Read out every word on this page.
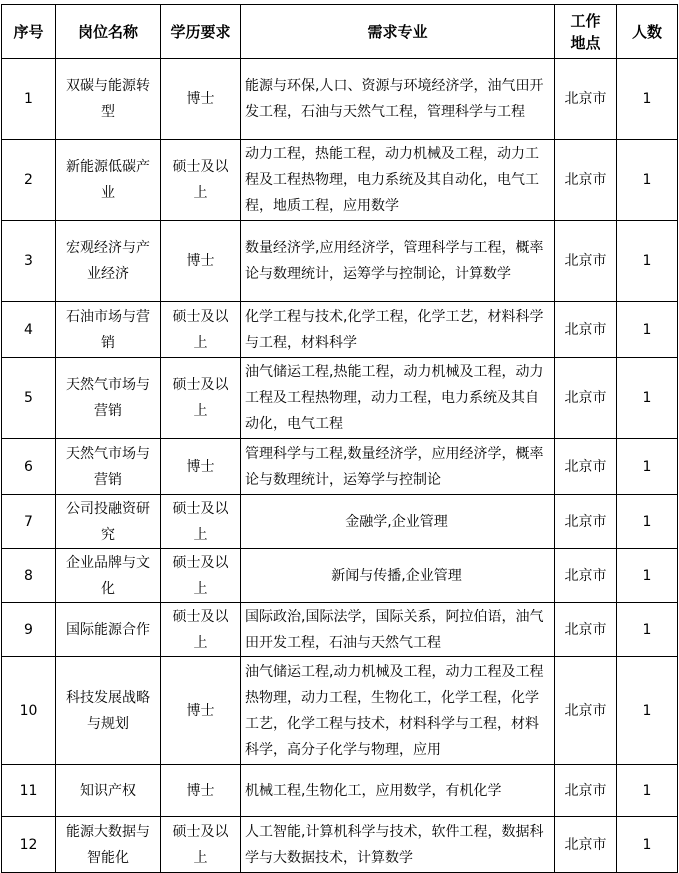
序号	岗位名称	学历要求	需求专业	工作地点	人数
1	双碳与能源转型	博士	能源与环保,人口、资源与环境经济学，油气田开发工程，石油与天然气工程，管理科学与工程	北京市	1
2	新能源低碳产业	硕士及以上	动力工程，热能工程，动力机械及工程，动力工程及工程热物理，电力系统及其自动化，电气工程，地质工程，应用数学	北京市	1
3	宏观经济与产业经济	博士	数量经济学,应用经济学，管理科学与工程，概率论与数理统计，运筹学与控制论，计算数学	北京市	1
4	石油市场与营销	硕士及以上	化学工程与技术,化学工程，化学工艺，材料科学与工程，材料科学	北京市	1
5	天然气市场与营销	硕士及以上	油气储运工程,热能工程，动力机械及工程，动力工程及工程热物理，动力工程，电力系统及其自动化，电气工程	北京市	1
6	天然气市场与营销	博士	管理科学与工程,数量经济学，应用经济学，概率论与数理统计，运筹学与控制论	北京市	1
7	公司投融资研究	硕士及以上	金融学,企业管理	北京市	1
8	企业品牌与文化	硕士及以上	新闻与传播,企业管理	北京市	1
9	国际能源合作	硕士及以上	国际政治,国际法学，国际关系，阿拉伯语，油气田开发工程，石油与天然气工程	北京市	1
10	科技发展战略与规划	博士	油气储运工程,动力机械及工程，动力工程及工程热物理，动力工程，生物化工，化学工程，化学工艺，化学工程与技术，材料科学与工程，材料科学，高分子化学与物理，应用	北京市	1
11	知识产权	博士	机械工程,生物化工，应用数学，有机化学	北京市	1
12	能源大数据与智能化	硕士及以上	人工智能,计算机科学与技术，软件工程，数据科学与大数据技术，计算数学	北京市	1
